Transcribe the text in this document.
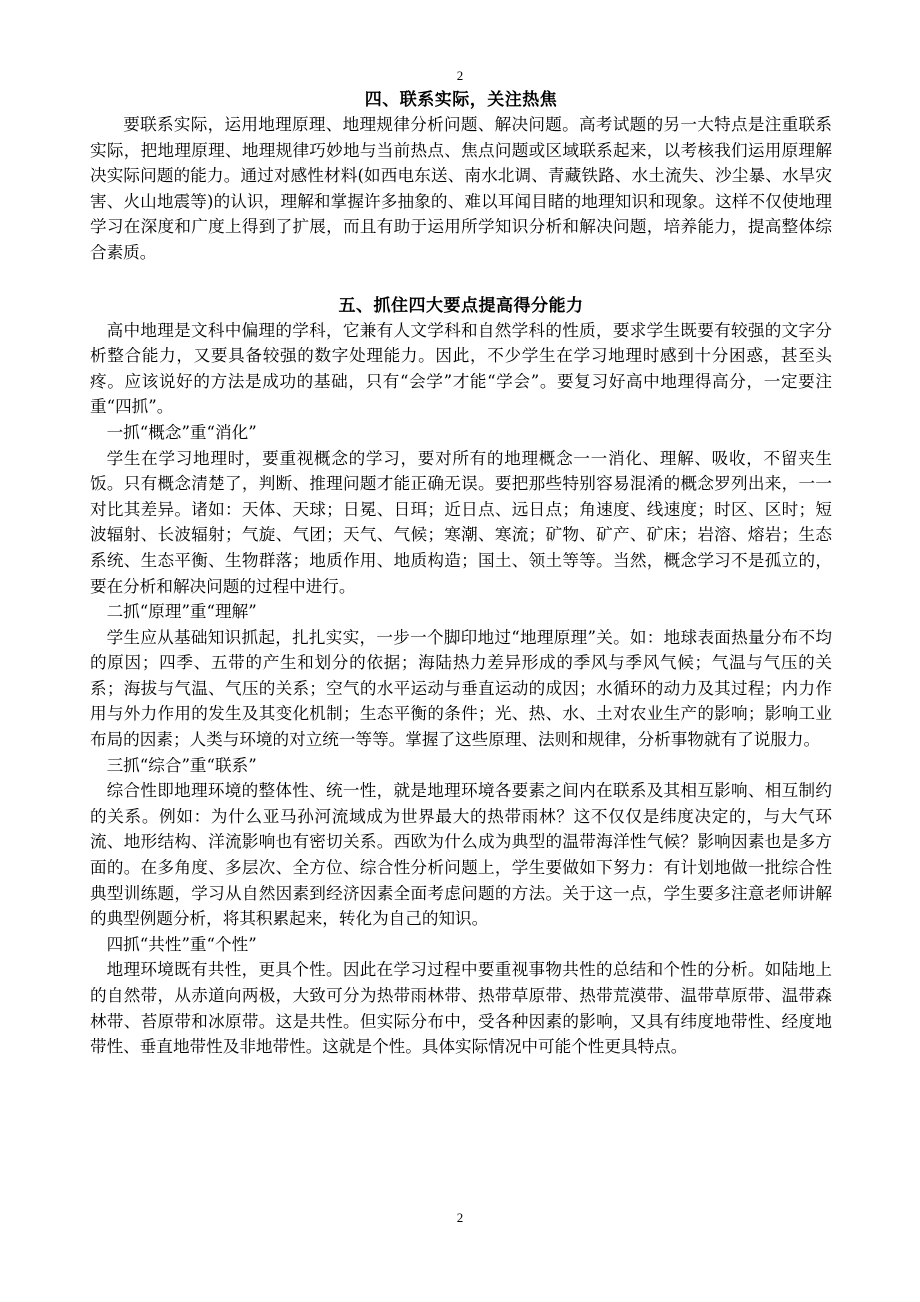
2
四、联系实际，关注热焦

要联系实际，运用地理原理、地理规律分析问题、解决问题。高考试题的另一大特点是注重联系实际，把地理原理、地理规律巧妙地与当前热点、焦点问题或区域联系起来，以考核我们运用原理解决实际问题的能力。通过对感性材料(如西电东送、南水北调、青藏铁路、水土流失、沙尘暴、水旱灾害、火山地震等)的认识，理解和掌握许多抽象的、难以耳闻目睹的地理知识和现象。这样不仅使地理学习在深度和广度上得到了扩展，而且有助于运用所学知识分析和解决问题，培养能力，提高整体综合素质。

五、抓住四大要点提高得分能力

高中地理是文科中偏理的学科，它兼有人文学科和自然学科的性质，要求学生既要有较强的文字分析整合能力，又要具备较强的数字处理能力。因此，不少学生在学习地理时感到十分困惑，甚至头疼。应该说好的方法是成功的基础，只有“会学”才能“学会”。要复习好高中地理得高分，一定要注重“四抓”。

一抓“概念”重“消化”

学生在学习地理时，要重视概念的学习，要对所有的地理概念一一消化、理解、吸收，不留夹生饭。只有概念清楚了，判断、推理问题才能正确无误。要把那些特别容易混淆的概念罗列出来，一一对比其差异。诸如：天体、天球；日冕、日珥；近日点、远日点；角速度、线速度；时区、区时；短波辐射、长波辐射；气旋、气团；天气、气候；寒潮、寒流；矿物、矿产、矿床；岩溶、熔岩；生态系统、生态平衡、生物群落；地质作用、地质构造；国土、领土等等。当然，概念学习不是孤立的，要在分析和解决问题的过程中进行。

二抓“原理”重“理解”

学生应从基础知识抓起，扎扎实实，一步一个脚印地过“地理原理”关。如：地球表面热量分布不均的原因；四季、五带的产生和划分的依据；海陆热力差异形成的季风与季风气候；气温与气压的关系；海拔与气温、气压的关系；空气的水平运动与垂直运动的成因；水循环的动力及其过程；内力作用与外力作用的发生及其变化机制；生态平衡的条件；光、热、水、土对农业生产的影响；影响工业布局的因素；人类与环境的对立统一等等。掌握了这些原理、法则和规律，分析事物就有了说服力。

三抓“综合”重“联系”

综合性即地理环境的整体性、统一性，就是地理环境各要素之间内在联系及其相互影响、相互制约的关系。例如：为什么亚马孙河流域成为世界最大的热带雨林？这不仅仅是纬度决定的，与大气环流、地形结构、洋流影响也有密切关系。西欧为什么成为典型的温带海洋性气候？影响因素也是多方面的。在多角度、多层次、全方位、综合性分析问题上，学生要做如下努力：有计划地做一批综合性典型训练题，学习从自然因素到经济因素全面考虑问题的方法。关于这一点，学生要多注意老师讲解的典型例题分析，将其积累起来，转化为自己的知识。

四抓“共性”重“个性”

地理环境既有共性，更具个性。因此在学习过程中要重视事物共性的总结和个性的分析。如陆地上的自然带，从赤道向两极，大致可分为热带雨林带、热带草原带、热带荒漠带、温带草原带、温带森林带、苔原带和冰原带。这是共性。但实际分布中，受各种因素的影响，又具有纬度地带性、经度地带性、垂直地带性及非地带性。这就是个性。具体实际情况中可能个性更具特点。

2
